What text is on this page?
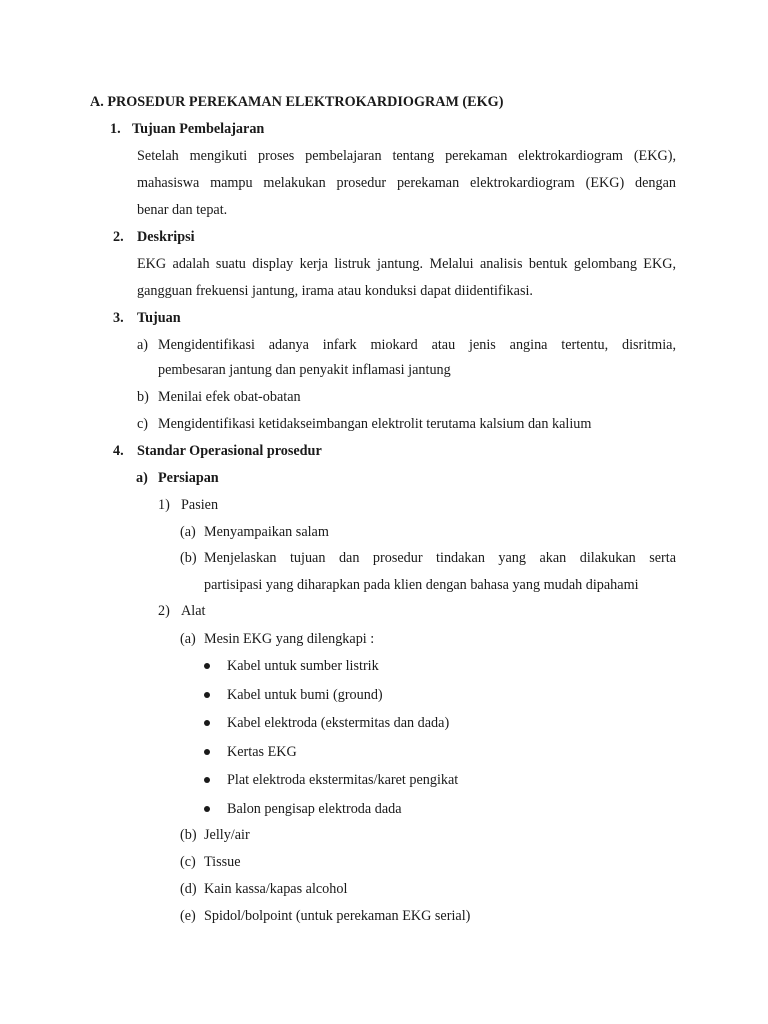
A. PROSEDUR PEREKAMAN ELEKTROKARDIOGRAM (EKG)
1. Tujuan Pembelajaran
Setelah mengikuti proses pembelajaran tentang perekaman elektrokardiogram (EKG),
mahasiswa mampu melakukan prosedur perekaman elektrokardiogram (EKG) dengan
benar dan tepat.
2. Deskripsi
EKG adalah suatu display kerja listruk jantung. Melalui analisis bentuk gelombang EKG,
gangguan frekuensi jantung, irama atau konduksi dapat diidentifikasi.
3. Tujuan
a) Mengidentifikasi adanya infark miokard atau jenis angina tertentu, disritmia,
pembesaran jantung dan penyakit inflamasi jantung
b) Menilai efek obat-obatan
c) Mengidentifikasi ketidakseimbangan elektrolit terutama kalsium dan kalium
4. Standar Operasional prosedur
a) Persiapan
1) Pasien
(a) Menyampaikan salam
(b) Menjelaskan tujuan dan prosedur tindakan yang akan dilakukan serta
partisipasi yang diharapkan pada klien dengan bahasa yang mudah dipahami
2) Alat
(a) Mesin EKG yang dilengkapi :
Kabel untuk sumber listrik
Kabel untuk bumi (ground)
Kabel elektroda (ekstermitas dan dada)
Kertas EKG
Plat elektroda ekstermitas/karet pengikat
Balon pengisap elektroda dada
(b) Jelly/air
(c) Tissue
(d) Kain kassa/kapas alcohol
(e) Spidol/bolpoint (untuk perekaman EKG serial)
